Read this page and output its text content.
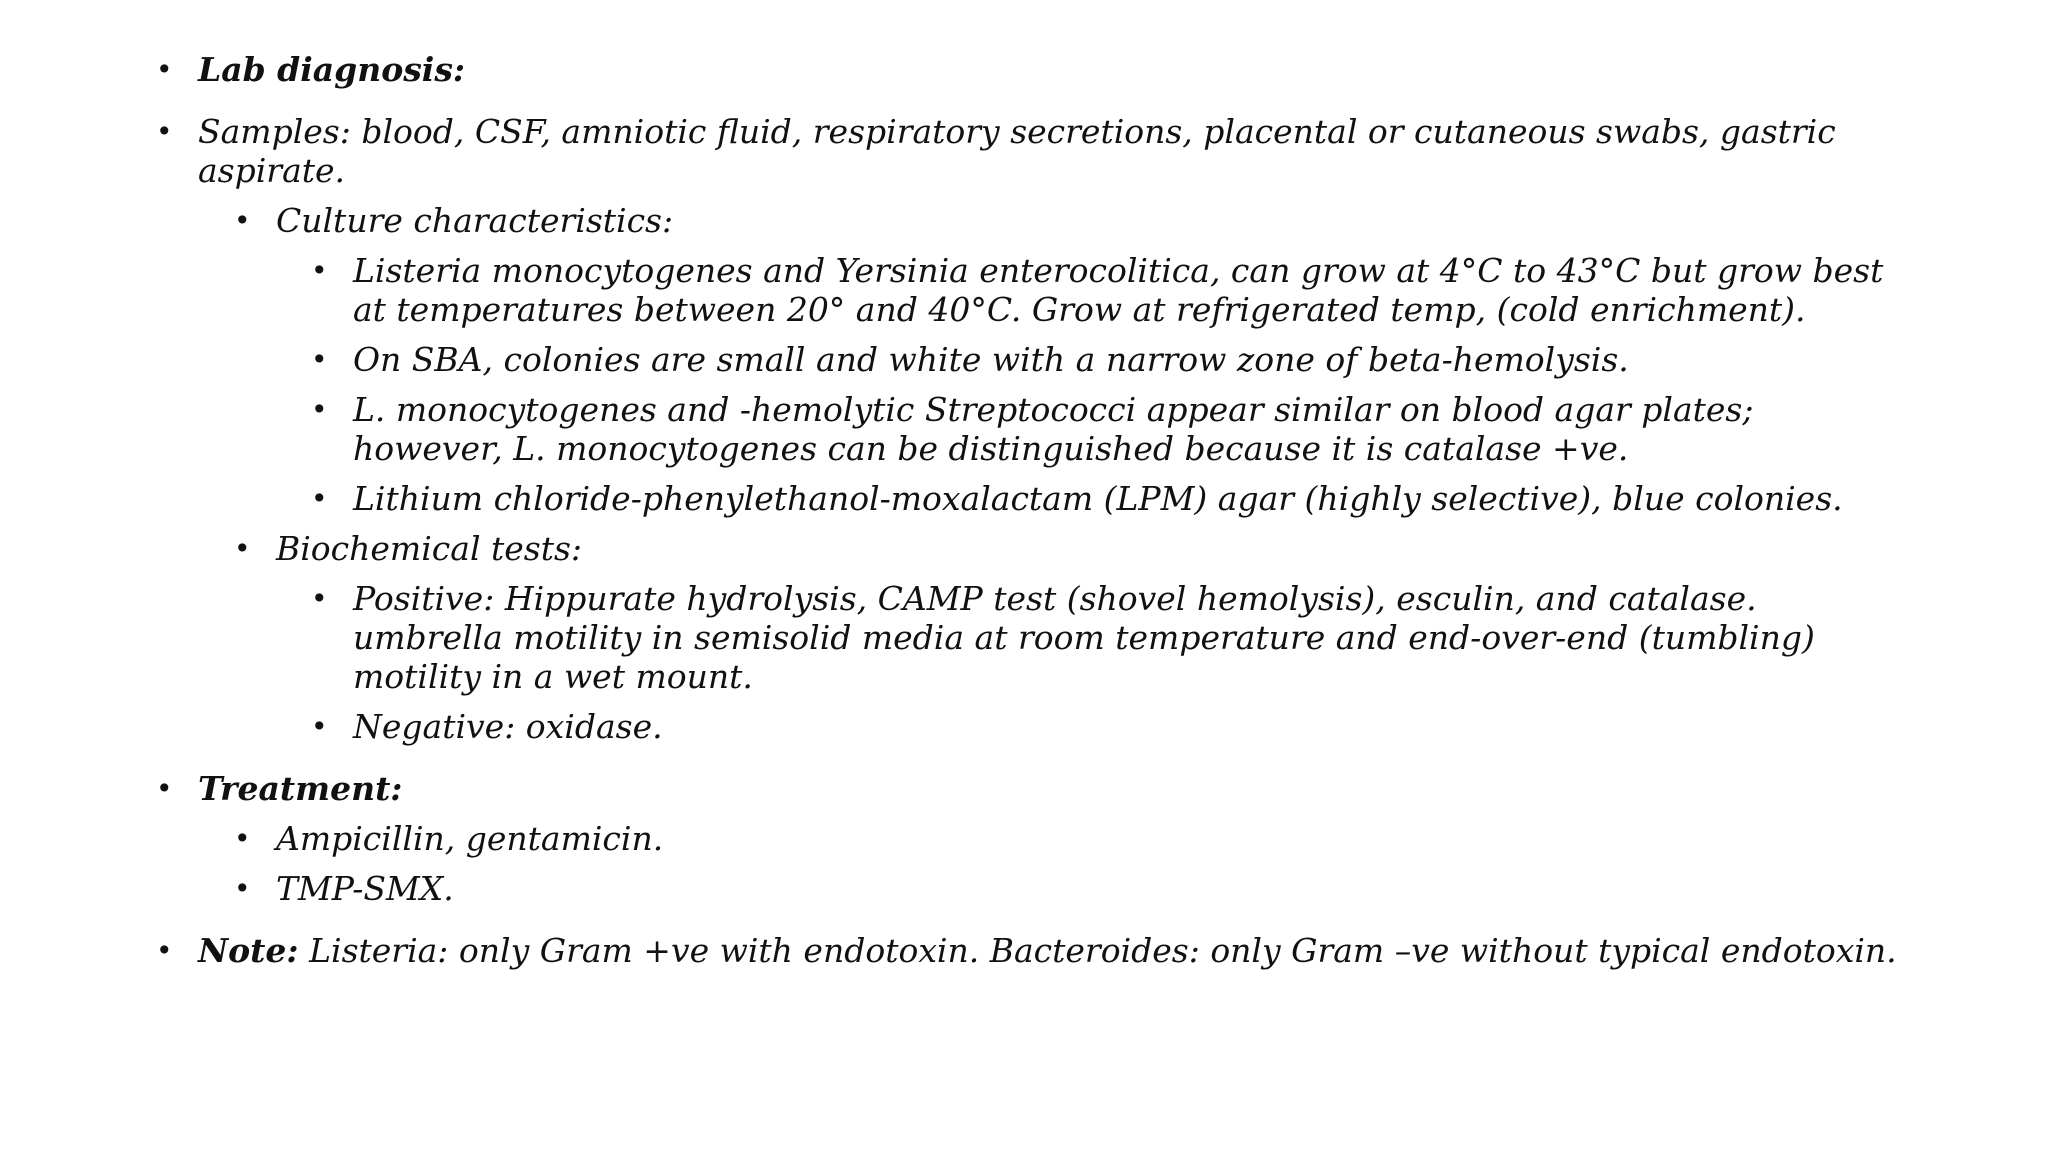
• Lab diagnosis:
• Samples: blood, CSF, amniotic fluid, respiratory secretions, placental or cutaneous swabs, gastric aspirate.
• Culture characteristics:
• Listeria monocytogenes and Yersinia enterocolitica, can grow at 4°C to 43°C but grow best at temperatures between 20° and 40°C. Grow at refrigerated temp, (cold enrichment).
• On SBA, colonies are small and white with a narrow zone of beta-hemolysis.
• L. monocytogenes and -hemolytic Streptococci appear similar on blood agar plates; however, L. monocytogenes can be distinguished because it is catalase +ve.
• Lithium chloride-phenylethanol-moxalactam (LPM) agar (highly selective), blue colonies.
• Biochemical tests:
• Positive: Hippurate hydrolysis, CAMP test (shovel hemolysis), esculin, and catalase. umbrella motility in semisolid media at room temperature and end-over-end (tumbling) motility in a wet mount.
• Negative: oxidase.
• Treatment:
• Ampicillin, gentamicin.
• TMP-SMX.
• Note: Listeria: only Gram +ve with endotoxin. Bacteroides: only Gram –ve without typical endotoxin.
